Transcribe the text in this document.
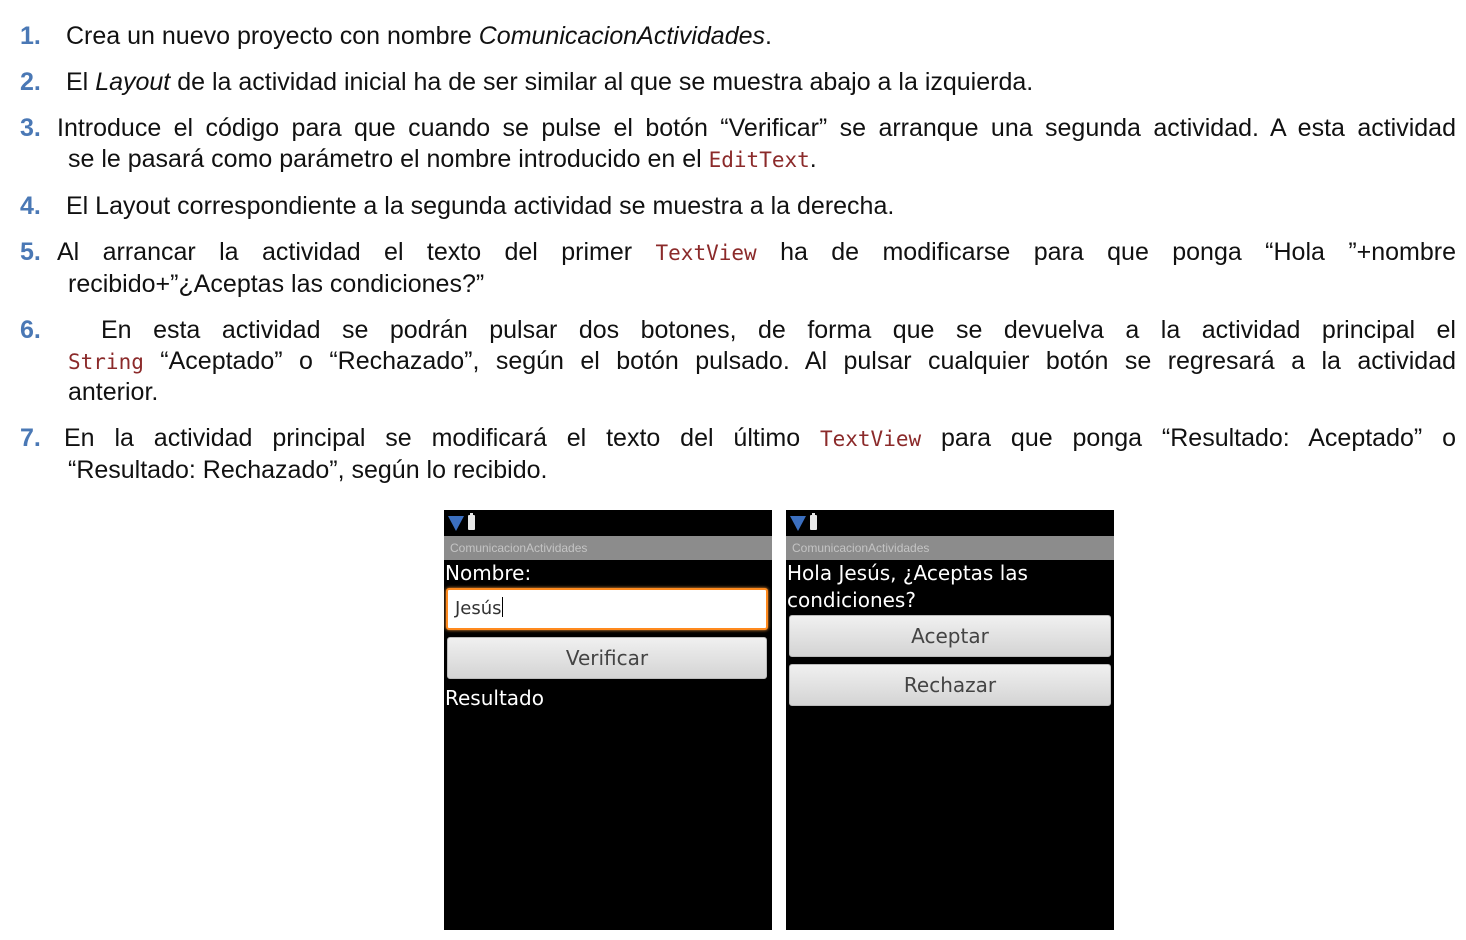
1. Crea un nuevo proyecto con nombre ComunicacionActividades.
2. El Layout de la actividad inicial ha de ser similar al que se muestra abajo a la izquierda.
3. Introduce el código para que cuando se pulse el botón “Verificar” se arranque una segunda actividad. A esta actividad
se le pasará como parámetro el nombre introducido en el EditText.
4. El Layout correspondiente a la segunda actividad se muestra a la derecha.
5. Al arrancar la actividad el texto del primer TextView ha de modificarse para que ponga “Hola ”+nombre
recibido+”¿Aceptas las condiciones?”
6. En esta actividad se podrán pulsar dos botones, de forma que se devuelva a la actividad principal el
String “Aceptado” o “Rechazado”, según el botón pulsado. Al pulsar cualquier botón se regresará a la actividad
anterior.
7. En la actividad principal se modificará el texto del último TextView para que ponga “Resultado: Aceptado” o
“Resultado: Rechazado”, según lo recibido.
ComunicacionActividades
Nombre:
Jesús
Verificar
Resultado
ComunicacionActividades
Hola Jesús, ¿Aceptas las
condiciones?
Aceptar
Rechazar
